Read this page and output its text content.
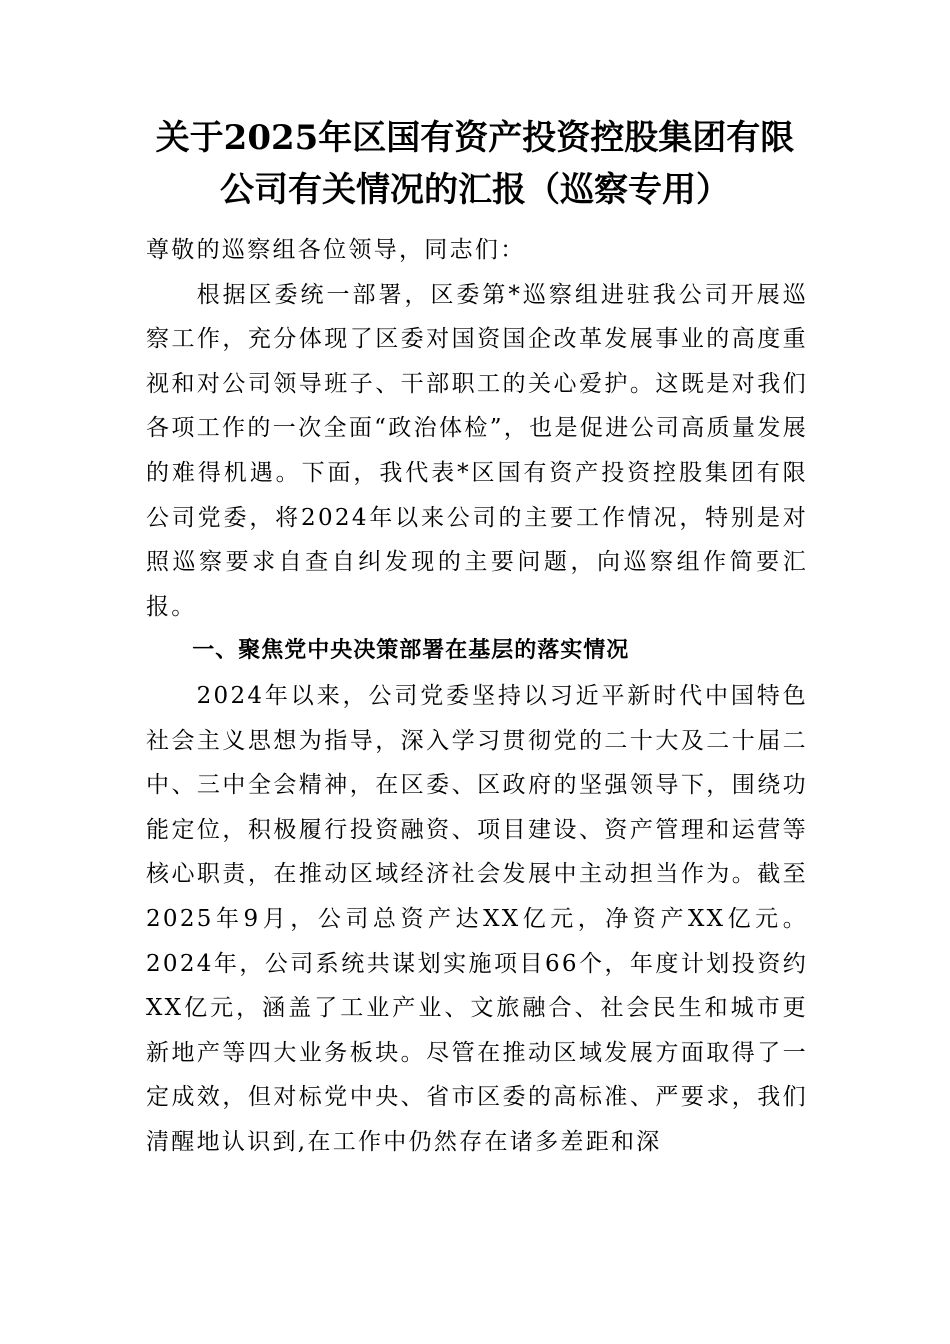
关于2025年区国有资产投资控股集团有限
公司有关情况的汇报（巡察专用）

尊敬的巡察组各位领导，同志们：

根据区委统一部署，区委第*巡察组进驻我公司开展巡察工作，充分体现了区委对国资国企改革发展事业的高度重视和对公司领导班子、干部职工的关心爱护。这既是对我们各项工作的一次全面“政治体检”，也是促进公司高质量发展的难得机遇。下面，我代表*区国有资产投资控股集团有限公司党委，将2024年以来公司的主要工作情况，特别是对照巡察要求自查自纠发现的主要问题，向巡察组作简要汇报。

一、聚焦党中央决策部署在基层的落实情况

2024年以来，公司党委坚持以习近平新时代中国特色社会主义思想为指导，深入学习贯彻党的二十大及二十届二中、三中全会精神，在区委、区政府的坚强领导下，围绕功能定位，积极履行投资融资、项目建设、资产管理和运营等核心职责，在推动区域经济社会发展中主动担当作为。截至2025年9月，公司总资产达XX亿元，净资产XX亿元。2024年，公司系统共谋划实施项目66个，年度计划投资约XX亿元，涵盖了工业产业、文旅融合、社会民生和城市更新地产等四大业务板块。尽管在推动区域发展方面取得了一定成效，但对标党中央、省市区委的高标准、严要求，我们清醒地认识到,在工作中仍然存在诸多差距和深
